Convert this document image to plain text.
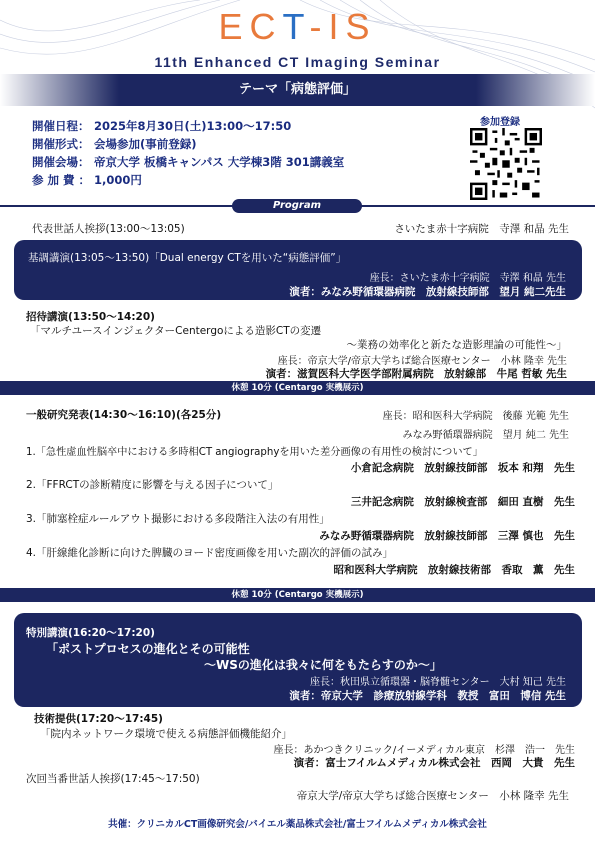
ECT-IS
11th Enhanced CT Imaging Seminar
テーマ「病態評価」
開催日程： 2025年8月30日(土)13:00〜17:50
開催形式： 会場参加(事前登録)
開催会場： 帝京大学 板橋キャンパス 大学棟3階 301講義室
参 加 費 ： 1,000円
参加登録
Program
代表世話人挨拶(13:00〜13:05)	さいたま赤十字病院　寺澤 和晶 先生
基調講演(13:05〜13:50)「Dual energy CTを用いた“病態評価”」
座長：さいたま赤十字病院　寺澤 和晶 先生
演者：みなみ野循環器病院　放射線技師部　望月 純二先生
招待講演(13:50〜14:20)
「マルチユースインジェクターCentergoによる造影CTの変遷
〜業務の効率化と新たな造影理論の可能性〜」
座長：帝京大学/帝京大学ちば総合医療センター　小林 隆幸 先生
演者：滋賀医科大学医学部附属病院　放射線部　牛尾 哲敏 先生
休憩 10分 (Centargo 実機展示)
一般研究発表(14:30〜16:10)(各25分)	座長：昭和医科大学病院　後藤 光範 先生
みなみ野循環器病院　望月 純二 先生
1.「急性虚血性脳卒中における多時相CT angiographyを用いた差分画像の有用性の検討について」
小倉記念病院　放射線技師部　坂本 和翔　先生
2.「FFRCTの診断精度に影響を与える因子について」
三井記念病院　放射線検査部　細田 直樹　先生
3.「肺塞栓症ルールアウト撮影における多段階注入法の有用性」
みなみ野循環器病院　放射線技師部　三澤 慎也　先生
4.「肝線維化診断に向けた脾臓のヨード密度画像を用いた副次的評価の試み」
昭和医科大学病院　放射線技術部　香取　薫　先生
休憩 10分 (Centargo 実機展示)
特別講演(16:20〜17:20)
「ポストプロセスの進化とその可能性
〜WSの進化は我々に何をもたらすのか〜」
座長：秋田県立循環器・脳脊髄センター　大村 知己 先生
演者：帝京大学　診療放射線学科　教授　富田　博信 先生
技術提供(17:20〜17:45)
「院内ネットワーク環境で使える病態評価機能紹介」
座長：あかつきクリニック/イーメディカル東京　杉澤　浩一　先生
演者：富士フイルムメディカル株式会社　西岡　大貴　先生
次回当番世話人挨拶(17:45〜17:50)
帝京大学/帝京大学ちば総合医療センター　小林 隆幸 先生
共催：クリニカルCT画像研究会/バイエル薬品株式会社/富士フイルムメディカル株式会社
